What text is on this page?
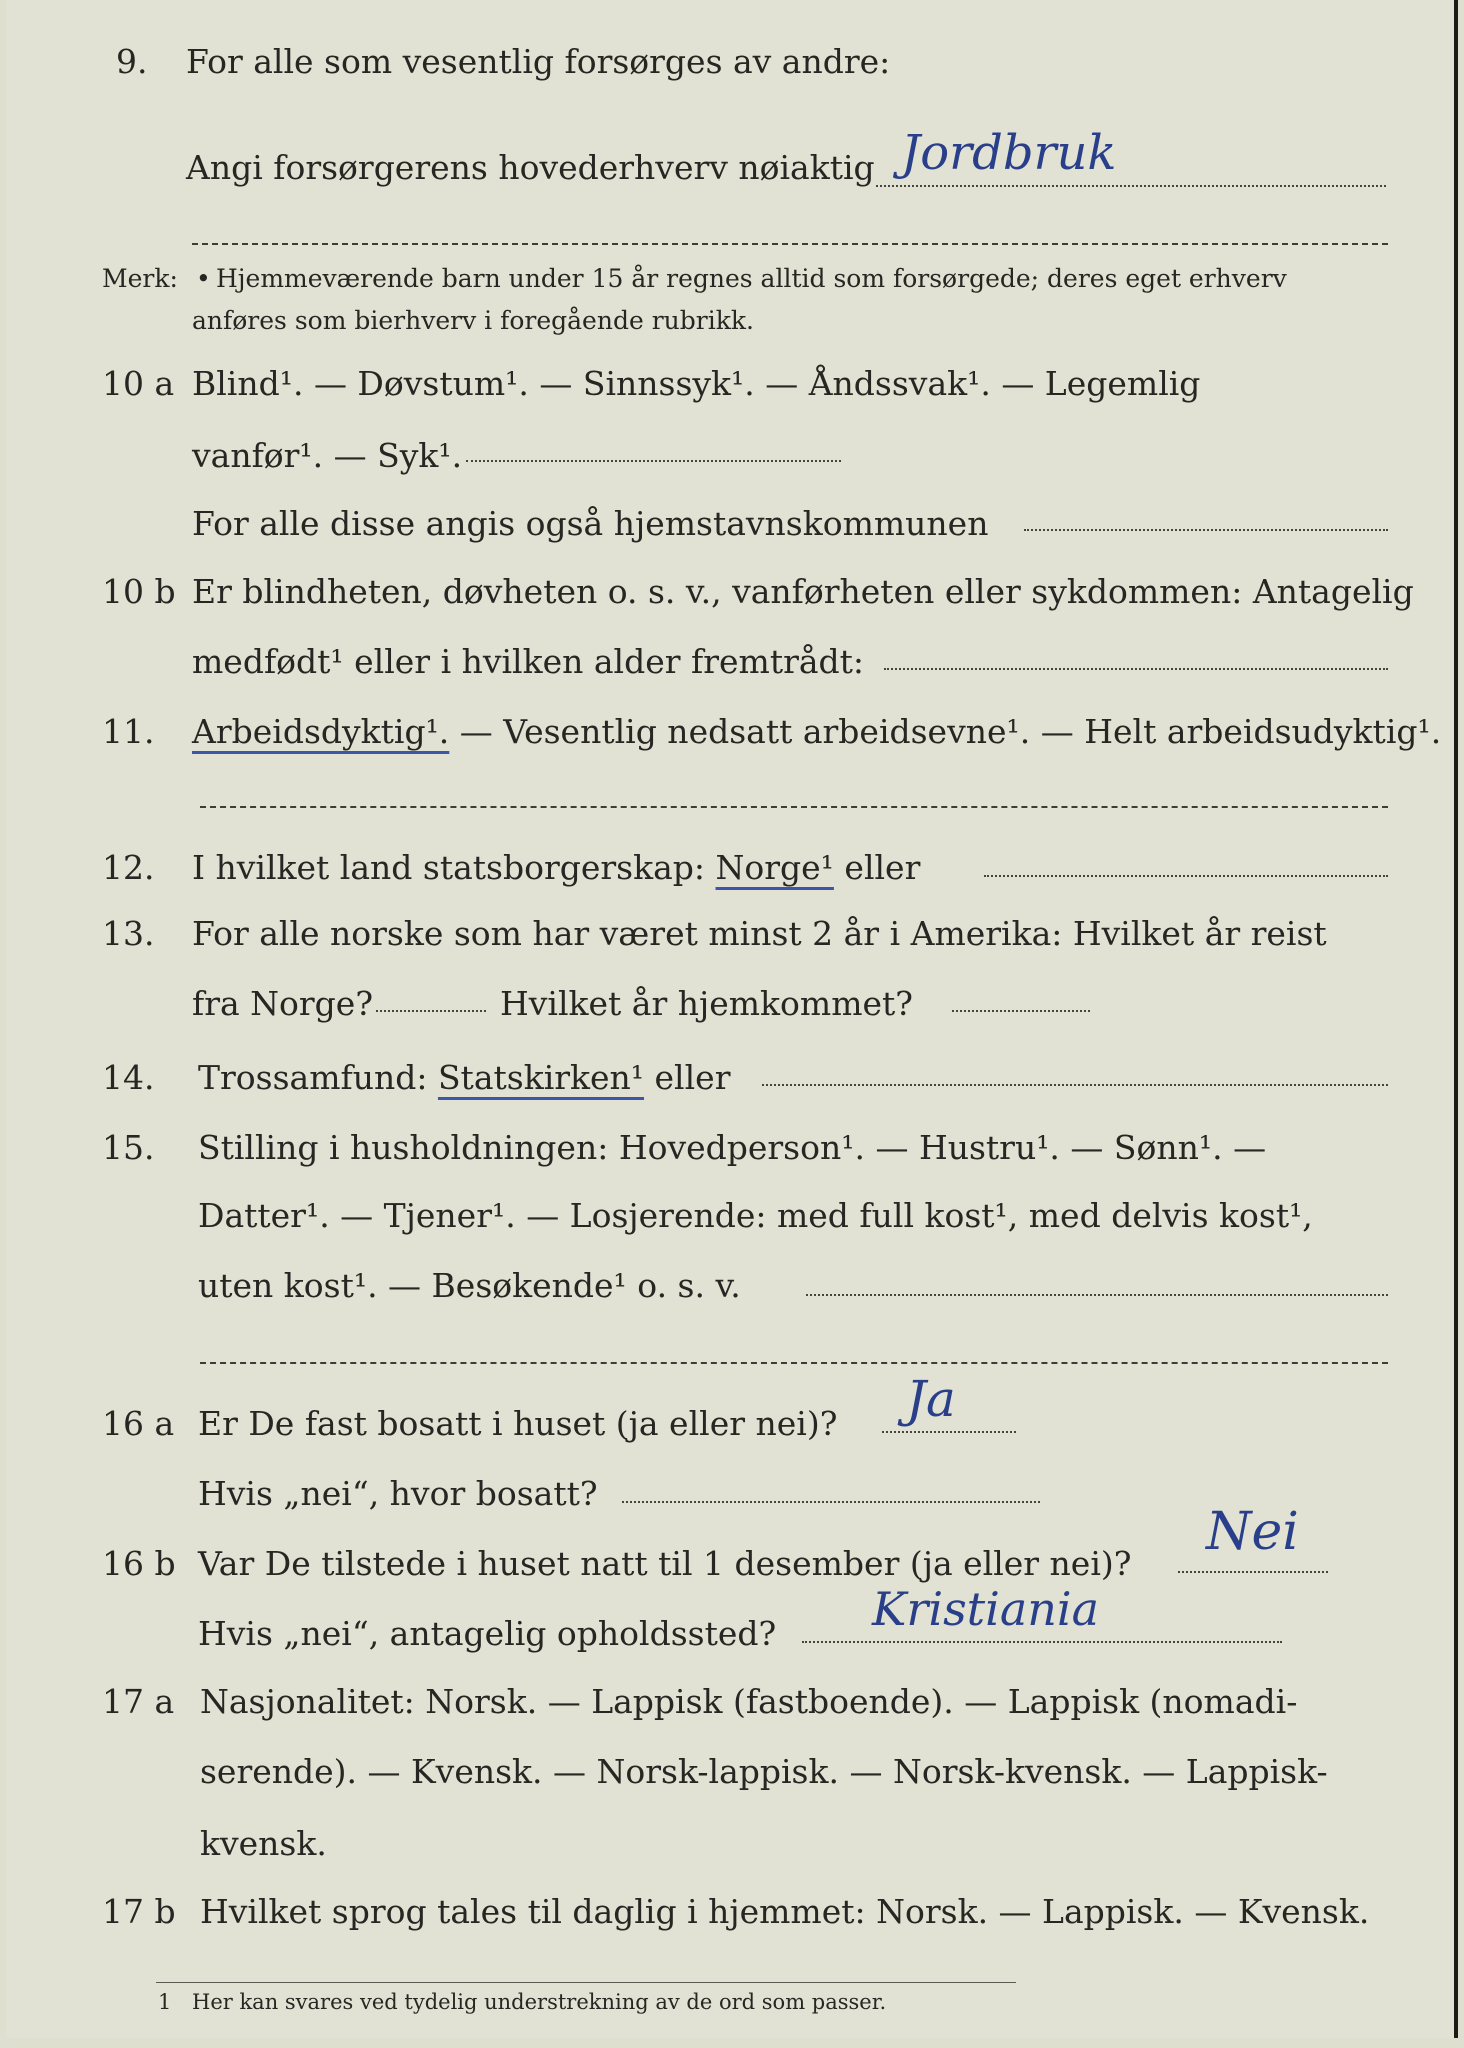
9. For alle som vesentlig forsørges av andre:
Angi forsørgerens hovederhverv nøiaktig Jordbruk
Merk: • Hjemmeværende barn under 15 år regnes alltid som forsørgede; deres eget erhverv
anføres som bierhverv i foregående rubrikk.
10 a Blind¹. — Døvstum¹. — Sinnssyk¹. — Åndssvak¹. — Legemlig
vanfør¹. — Syk¹.
For alle disse angis også hjemstavnskommunen
10 b Er blindheten, døvheten o. s. v., vanførheten eller sykdommen: Antagelig
medfødt¹ eller i hvilken alder fremtrådt:
11. Arbeidsdyktig¹. — Vesentlig nedsatt arbeidsevne¹. — Helt arbeidsudyktig¹.
12. I hvilket land statsborgerskap: Norge¹ eller
13. For alle norske som har været minst 2 år i Amerika: Hvilket år reist
fra Norge?	Hvilket år hjemkommet?
14. Trossamfund: Statskirken¹ eller
15. Stilling i husholdningen: Hovedperson¹. — Hustru¹. — Sønn¹. —
Datter¹. — Tjener¹. — Losjerende: med full kost¹, med delvis kost¹,
uten kost¹. — Besøkende¹ o. s. v.
16 a Er De fast bosatt i huset (ja eller nei)? Ja
Hvis „nei“, hvor bosatt?
16 b Var De tilstede i huset natt til 1 desember (ja eller nei)?
Nei
Hvis „nei“, antagelig opholdssted? Kristiania
17 a Nasjonalitet: Norsk. — Lappisk (fastboende). — Lappisk (nomadi-
serende). — Kvensk. — Norsk-lappisk. — Norsk-kvensk. — Lappisk-
kvensk.
17 b Hvilket sprog tales til daglig i hjemmet: Norsk. — Lappisk. — Kvensk.
1 Her kan svares ved tydelig understrekning av de ord som passer.
